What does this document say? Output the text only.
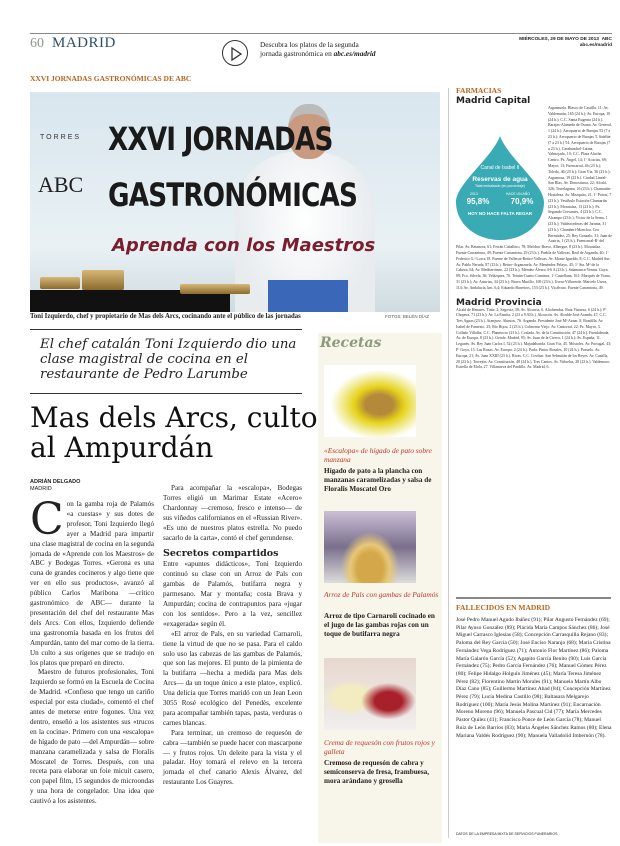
60 MADRID	Descubra los platos de la segunda jornada gastronómica en abc.es/madrid
MIÉRCOLES, 29 DE MAYO DE 2013 ABC
abc.es/madrid
XXVI JORNADAS GASTRONÓMICAS DE ABC
TORRES
ABC
XXVI JORNADAS
GASTRONÓMICAS
Aprenda con los Maestros
Toni Izquierdo, chef y propietario de Mas dels Arcs, cocinando ante el público de las jornadas	FOTOS: BELÉN DÍAZ
El chef catalán Toni Izquierdo dio una clase magistral de cocina en el restaurante de Pedro Larumbe
Mas dels Arcs, culto al Ampurdán
ADRIÁN DELGADO
MADRID
C on la gamba roja de Palamós «a cuestas» y sus dotes de profesor, Toni Izquierdo llegó ayer a Madrid para impartir una clase magistral de cocina en la segunda jornada de «Aprende con los Maestros» de ABC y Bodegas Torres. «Gerona es una cuna de grandes cocineros y algo tiene que ver en ello sus productos», avanzó al público Carlos Maribona —crítico gastronómico de ABC— durante la presentación del chef del restaurante Mas dels Arcs. Con ellos, Izquierdo defiende una gastronomía basada en los frutos del Ampurdán, tanto del mar como de la tierra. Un culto a sus orígenes que se tradujo en los platos que preparó en directo.

Maestro de futuros profesionales, Toni Izquierdo se formó en la Escuela de Cocina de Madrid. «Confieso que tengo un cariño especial por esta ciudad», comentó el chef antes de meterse entre fogones. Una vez dentro, enseñó a los asistentes sus «trucos en la cocina». Primero con una «escalopa» de hígado de pato —del Ampurdán— sobre manzana caramelizada y salsa de Floralis Moscatel de Torres. Después, con una receta para elaborar un foie micuit casero, con papel film, 15 segundos de microondas y una hora de congelador. Una idea que cautivó a los asistentes.

Para acompañar la «escalopa», Bodegas Torres eligió un Marimar Estate «Acero» Chardonnay —cremoso, fresco e intenso— de sus viñedos californianos en el «Russian River». «Es uno de nuestros platos estrella. No puedo sacarlo de la carta», contó el chef gerundense.

Secretos compartidos
Entre «apuntes didácticos», Toni Izquierdo continuó su clase con un Arroz de Pals con gambas de Palamós, butifarra negra y parmesano. Mar y montaña; costa Brava y Ampurdán; cocina de contrapuntos para «jugar con los sentidos». Pero a la vez, sencillez «exagerada» según él.

«El arroz de Pals, en su variedad Carnaroli, tiene la virtud de que no se pasa. Para el caldo solo uso las cabezas de las gambas de Palamós, que son las mejores. El punto de la pimienta de la butifarra —hecha a medida para Mas dels Arcs— da un toque único a este plato», explicó. Una delicia que Torres maridó con un Jean Leon 3055 Rosé ecológico del Penedès, excelente para acompañar también tapas, pasta, verduras o carnes blancas.

Para terminar, un cremoso de requesón de cabra —también se puede hacer con mascarpone— y frutos rojos. Un deleite para la vista y el paladar. Hoy tomará el relevo en la tercera jornada el chef canario Alexis Álvarez, del restaurante Los Guayres.

Recetas
«Escalopa» de hígado de pato sobre manzana
Hígado de pato a la plancha con manzanas caramelizadas y salsa de Floralis Moscatel Oro
Arroz de Pals con gambas de Palamós
Arroz de tipo Carnaroli cocinado en el jugo de las gambas rojas con un toque de butifarra negra
Crema de requesón con frutos rojos y galleta
Cremoso de requesón de cabra y semiconserva de fresa, frambuesa, mora arándano y grosella
FARMACIAS
Madrid Capital
Canal de Isabel II
Reservas de agua
Total embalsado (en porcentaje)
2013	HACE UN AÑO
95,8%	70,9%
HOY NO HACE FALTA REGAR
Arganzuela. Blasco de Castilla, 11; Av. Valdemarín, 165 (24 h.); Av. Europa, 10 (24 h.); C.C. Santa Eugenia (24 h.). Barajas-Alameda de Osuna. Av. General, 1 (24 h.). Aeropuerto de Barajas T2 (7 a 23 h.); Aeropuerto de Barajas T. Satélite (7 a 23 h.) T4. Aeropuerto de Barajas (7 a 23 h.). Carabanchel-Latina. Valmojado, 10; C.C. Plaza Aluche. Centro. Pz. Ángel, 14; 1º Acacias, 69; Mayor, 13; Fuencarral, 46 (23 h.); Toledo, 46 (23 h.); Gran Vía, 56 (23 h.); Argumosa, 19 (23 h.). Ciudad Lineal-San Blas. Av. Donostiarra, 22; Alcalá, 326; Torrelaguna, 16 (23 h.). Chamartín-Hortaleza. Av. Mezquita, 21; 1º Potosí, 7 (23 h.); Vestíbulo Estación Chamartín (23 h.); Moratalaz, 13 (23 h.); Pz. Segundo Cervantes, 4 (23 h.); C.C. Alcampo (23 h.); Víctor de la Serna, 1 (23 h.); Valdeacederas del Jarama, 31 (23 h.). Chamberí-Moncloa. Cea Bermúdez, 25; Rey Gonzalo, 31; Juan de Austria, 1 (23 h.). Fuencarral-Bº del Pilar. Av. Betanzos, 61; Ferrán Caballero, 78; Melchor Bravo, Albergue, 8 (23 h.). Moratalaz. Fuente Carrantona, 49; Fuente Carrantona, 29 (23 h.). Puebla de Vallecas. Real de Arganda, 40; 1º Federico G.ª Lorca 18. Puente de Vallecas-Retiro-Vallecas. Av. Monte Igueldo, 8; C.C. Madrid Sur; Av. Pablo Neruda, 87 (23 h.). Retiro-Arganzuela. Av. Menéndez Pelayo, 45; 1º Sta. Mª de la Cabeza, 64; Av. Mediterráneo, 22 (23 h.); Méndez Álvaro 4-6 A (23 h.). Salamanca-Ventas. Goya, 89; Fco. Silvela, 36; Velázquez, 76. Tetuán-Cuatro Caminos. 1º Castellana, 161; Marqués de Viana, 31 (23 h.); Av. Asturias, 34 (23 h.); Bravo Murillo, 169 (23 h.). Usera-Villaverde. Marcelo Usera, 114; Av. Andalucía, km. 6,4; Eduardo Barreiros, 153 (23 h.). Vicálvaro. Fuente Carrantona, 49.
Madrid Provincia
Alcalá de Henares. Tinte, 2; Segovia, 38; Av. Alcarria, 6. Alcobendas. Ruiz Vinuesa, 6 (24 h.); Pº Chopera, 71 (23 h.); Av. La Ermita, 2 (23 a 9.30 h.). Alcorcón. Av. Alcalde José Aranda, 47; C.C. Tres Aguas (23 h.). Aranjuez. Abastos, 76. Arganda. Presidente José Mª Aznar, 8. Boadilla. Av. Isabel de Farnesio, 25; Río Bijou, 2 (23 h.). Colmenar Viejo. Av. Cantorral, 22; Pz. Mayor, 3. Collado Villalba. C.C. Planetocio (23 h.). Coslada. Av. de la Constitución, 47 (24 h.). Fuenlabrada. Av. de Europa, 8 (23 h.). Getafe. Madrid, 95; Av. Juan de la Cierva, 1 (24 h.); Av. España, 11. Leganés. Av. Rey Juan Carlos I, 52 (23 h.). Majadahonda. Gran Vía, 45. Móstoles. Av. Portugal, 43; Pº Goya, 15. Las Rozas. Av. Europa, 2 (24 h.). Parla. Pintor Rosales, 10 (24 h.). Pozuelo. Av. Europa, 21; Av. Juan XXIII (23 h.). Rivas. C.C. Covibar. San Sebastián de los Reyes. Av. Castilla, 20 (23 h.). Torrejón. Av. Constitución, 48 (24 h.). Tres Cantos. Av. Viñuelas, 28 (23 h.). Valdemoro. Estrella de Elola, 27. Villanueva del Pardillo. Av. Madrid, 6.
FALLECIDOS EN MADRID
José Pedro Manuel Agudo Ibáñez (91); Pilar Augusto Fernández (69); Pilar Ayuso González (89); Plácida María Campos Sánchez (86); José Miguel Carrasco Iglesias (58); Concepción Carrasquilla Rejano (83); Paloma del Rey García (50); José Enciso Naranjo (68); María Cristina Fernández Vega Rodríguez (71); Antonio Flor Martínez (86); Paloma María Galarón García (52); Agapito García Benito (90); Luis García Fernández (75); Pedro García Fernández (76); Manuel Gómez Pérez (80); Felipe Hidalgo Holguín Jiménez (45); María Teresa Jiménez Pérez (82); Florentino Martín Morales (91); Manuela Martín Albo Díaz Cano (85); Guillermo Martínez Abad (84); Concepción Martínez Pérez (79); Lucía Medina Castillo (98); Baltasara Melgarejo Rodríguez (100); María Jesús Molina Martínez (91); Encarnación Moreno Moreno (96); Manuela Pascual Cid (77); María Mercedes Pastor Quilez (41); Francisco Ponce de León García (78); Manuel Ruiz de León Barrios (83); María Ángeles Sánchez Ramos (80); Elena Mariana Valdés Rodríguez (90); Manuela Valladolid Imbernón (78).
DATOS DE LA EMPRESA MIXTA DE SERVICIOS FUNERARIOS
